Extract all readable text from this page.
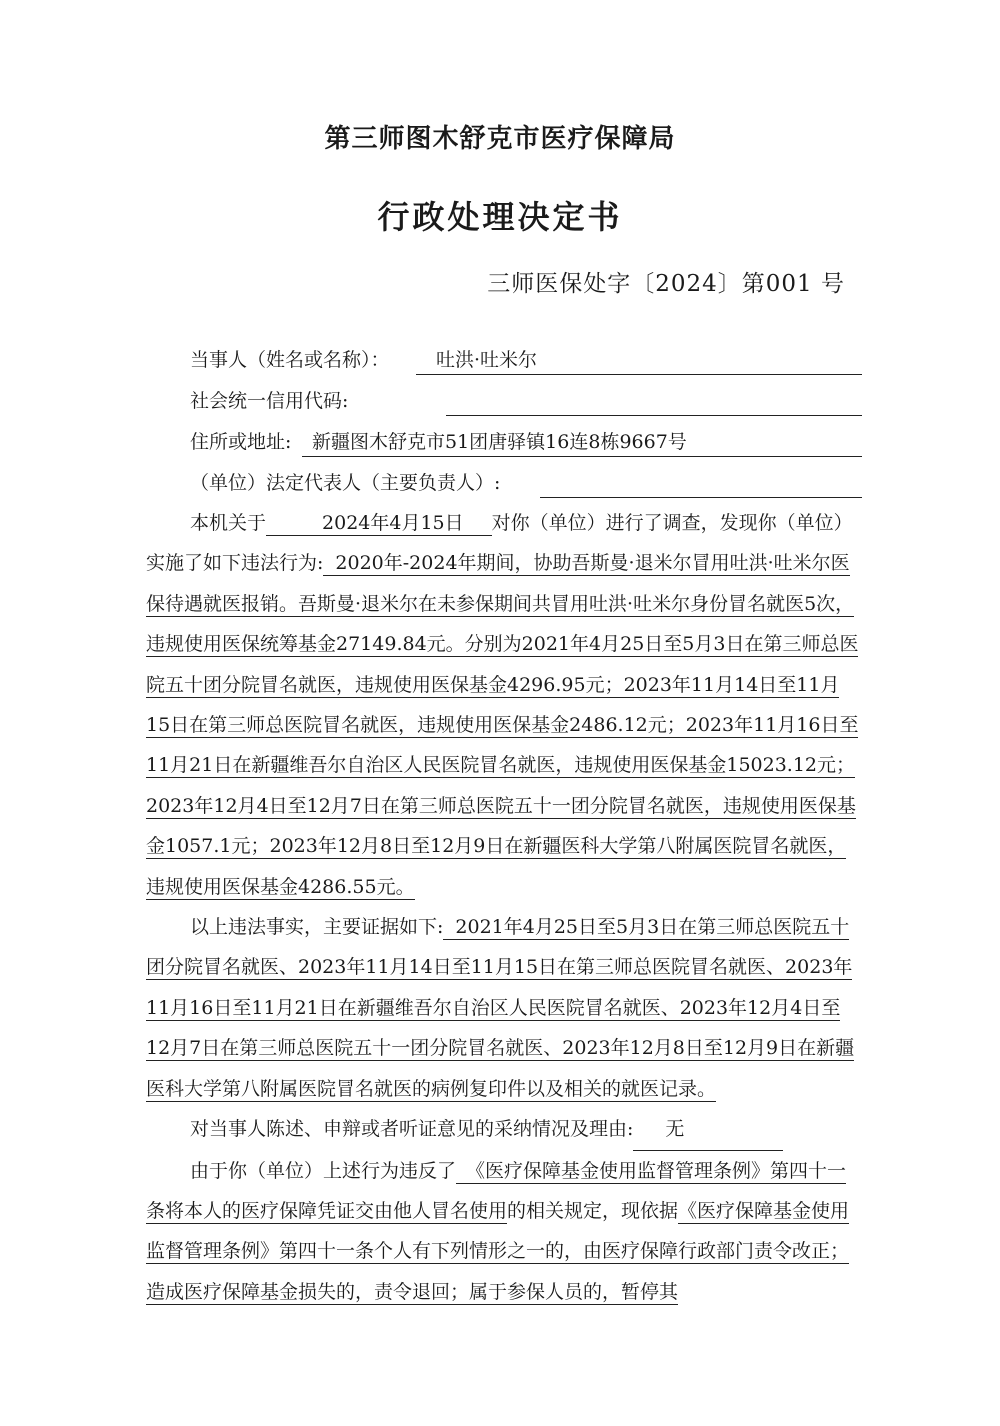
第三师图木舒克市医疗保障局
行政处理决定书
三师医保处字〔2024〕第001 号
当事人（姓名或名称）：	吐洪·吐米尔
社会统一信用代码:
住所或地址:	新疆图木舒克市51团唐驿镇16连8栋9667号
（单位）法定代表人（主要负责人）:

本机关于	2024年4月15日 对你（单位）进行了调查，发现你（单位）实施了如下违法行为: 2020年-2024年期间，协助吾斯曼·退米尔冒用吐洪·吐米尔医保待遇就医报销。吾斯曼·退米尔在未参保期间共冒用吐洪·吐米尔身份冒名就医5次，违规使用医保统筹基金27149.84元。分别为2021年4月25日至5月3日在第三师总医院五十团分院冒名就医，违规使用医保基金4296.95元；2023年11月14日至11月15日在第三师总医院冒名就医，违规使用医保基金2486.12元；2023年11月16日至11月21日在新疆维吾尔自治区人民医院冒名就医，违规使用医保基金15023.12元；2023年12月4日至12月7日在第三师总医院五十一团分院冒名就医，违规使用医保基金1057.1元；2023年12月8日至12月9日在新疆医科大学第八附属医院冒名就医，违规使用医保基金4286.55元。

以上违法事实，主要证据如下: 2021年4月25日至5月3日在第三师总医院五十团分院冒名就医、2023年11月14日至11月15日在第三师总医院冒名就医、2023年11月16日至11月21日在新疆维吾尔自治区人民医院冒名就医、2023年12月4日至12月7日在第三师总医院五十一团分院冒名就医、2023年12月8日至12月9日在新疆医科大学第八附属医院冒名就医的病例复印件以及相关的就医记录。

对当事人陈述、申辩或者听证意见的采纳情况及理由: 无

由于你（单位）上述行为违反了 《医疗保障基金使用监督管理条例》第四十一条将本人的医疗保障凭证交由他人冒名使用的相关规定，现依据《医疗保障基金使用监督管理条例》第四十一条个人有下列情形之一的，由医疗保障行政部门责令改正；造成医疗保障基金损失的，责令退回；属于参保人员的，暂停其
